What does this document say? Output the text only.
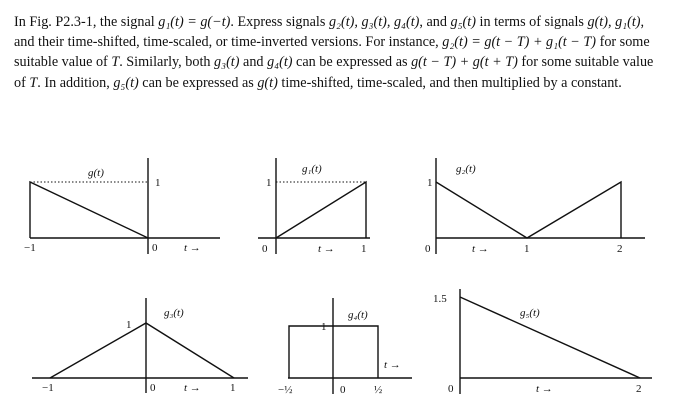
In Fig. P2.3-1, the signal g₁(t) = g(−t). Express signals g₂(t), g₃(t), g₄(t), and g₅(t) in terms of signals g(t), g₁(t), and their time-shifted, time-scaled, or time-inverted versions. For instance, g₂(t) = g(t − T) + g₁(t − T) for some suitable value of T. Similarly, both g₃(t) and g₄(t) can be expressed as g(t − T) + g(t + T) for some suitable value of T. In addition, g₅(t) can be expressed as g(t) time-shifted, time-scaled, and then multiplied by a constant.

g(t)
1
−1	0 t →
g₁(t)
1
0	1
t →
g₂(t)
1
0	1	2
t →
g₃(t)
1
−1	0	1
t →
g₄(t)
1
−½	0	½
t →
g₅(t)
1.5
0	2
t →
